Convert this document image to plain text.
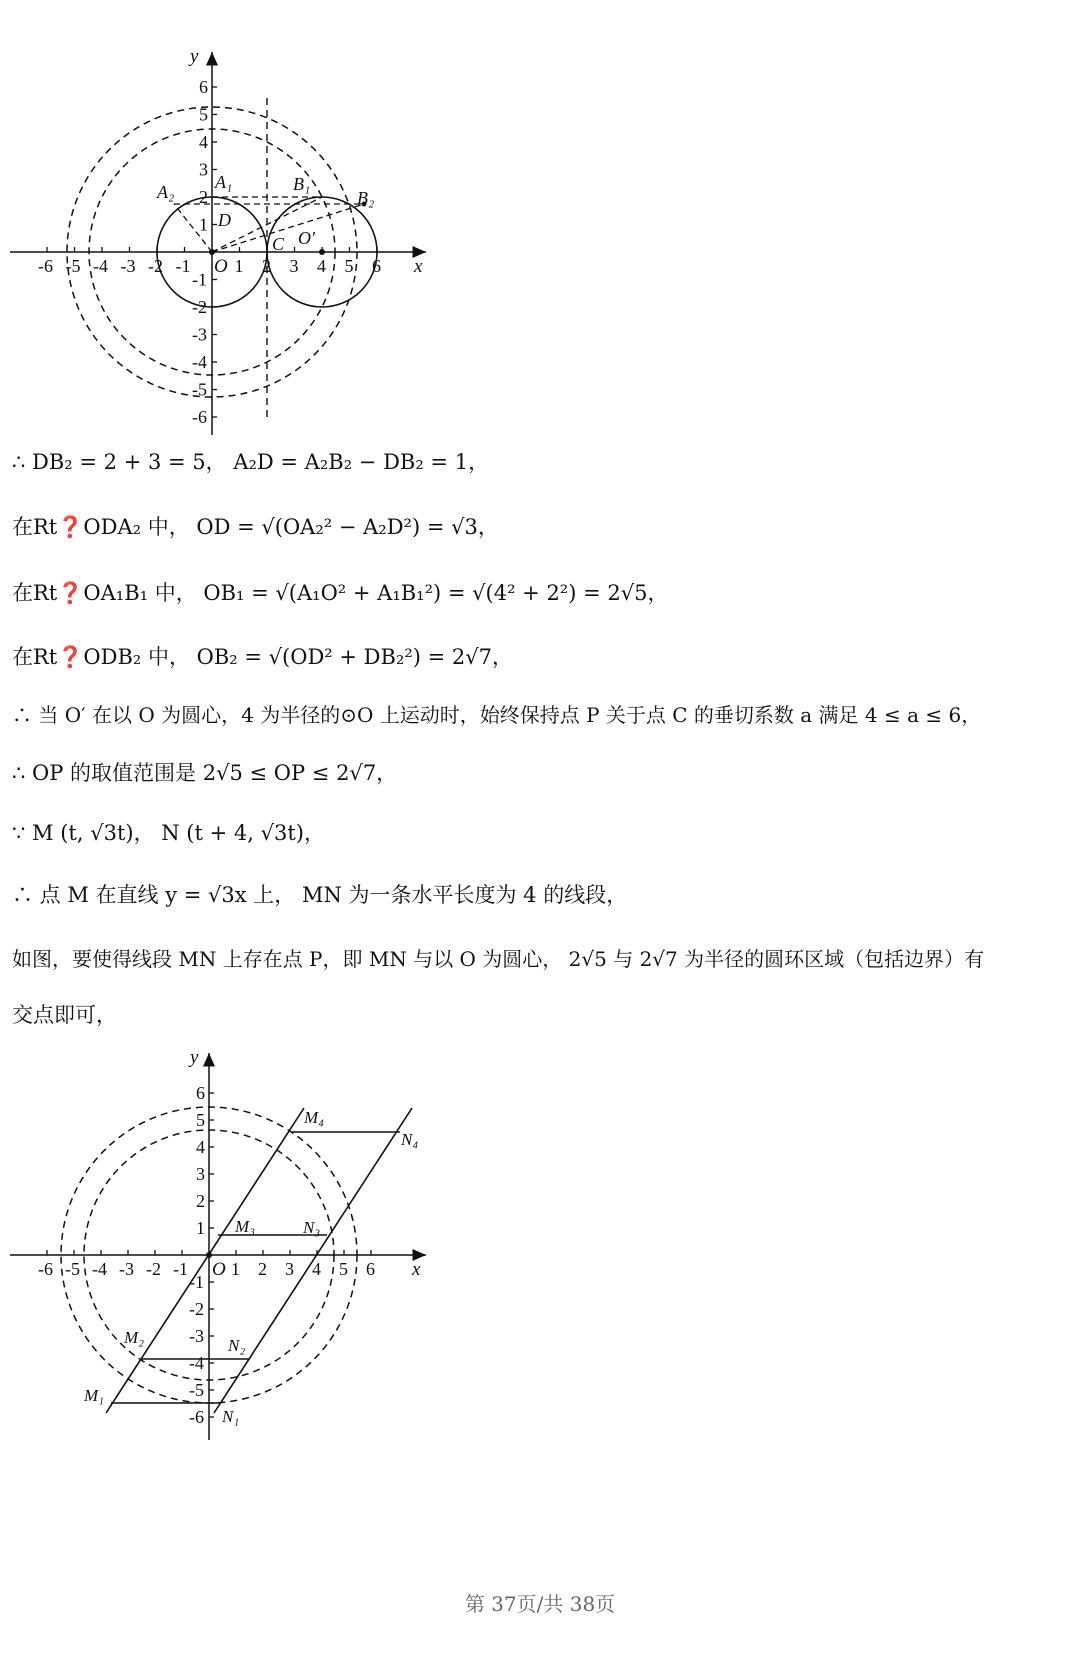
-6 -5 -4 -3 -2 -1 1 2 3 4 5 6
6
5
4
3
2
1
-1
-2
-3
-4
-5
-6
x
y
O
A₂ A₁	B₁
B₂
D
C O′
∴ DB₂ = 2 + 3 = 5， A₂D = A₂B₂ − DB₂ = 1，
在Rt❓ODA₂ 中， OD = √(OA₂² − A₂D²) = √3，
在Rt❓OA₁B₁ 中， OB₁ = √(A₁O² + A₁B₁²) = √(4² + 2²) = 2√5，
在Rt❓ODB₂ 中， OB₂ = √(OD² + DB₂²) = 2√7，
∴ 当 O′ 在以 O 为圆心，4 为半径的⊙O 上运动时，始终保持点 P 关于点 C 的垂切系数 a 满足 4 ≤ a ≤ 6，
∴ OP 的取值范围是 2√5 ≤ OP ≤ 2√7，
∵ M (t, √3t)， N (t + 4, √3t)，
∴ 点 M 在直线 y = √3x 上， MN 为一条水平长度为 4 的线段，
如图，要使得线段 MN 上存在点 P，即 MN 与以 O 为圆心， 2√5 与 2√7 为半径的圆环区域（包括边界）有
交点即可，
-6 -5 -4 -3 -2 -1 1 2 3 4 5 6
6
5
4
3
2
1
-1
-2
-3
-4
-5
-6
x
y
O
M₄
N₄
M₃	N₃
M₂	N₂
M₁
N₁
第 37页/共 38页
